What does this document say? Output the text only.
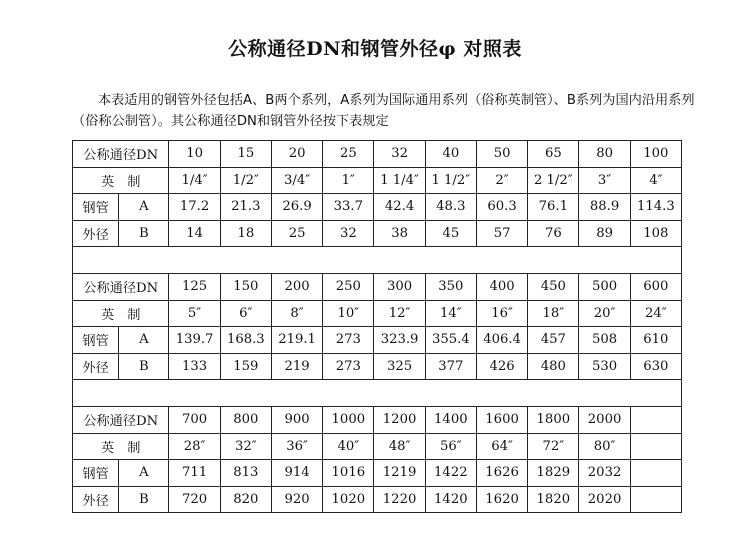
公称通径DN和钢管外径φ 对照表
本表适用的钢管外径包括A、B两个系列，A系列为国际通用系列（俗称英制管）、B系列为国内沿用系列（俗称公制管）。其公称通径DN和钢管外径按下表规定
公称通径DN		10	15	20	25	32	40	50	65	80	100
英　制		1/4″	1/2″	3/4″	1″	1 1/4″	1 1/2″	2″	2 1/2″	3″	4″
钢管	A	17.2	21.3	26.9	33.7	42.4	48.3	60.3	76.1	88.9	114.3
外径	B	14	18	25	32	38	45	57	76	89	108

公称通径DN		125	150	200	250	300	350	400	450	500	600
英　制		5″	6″	8″	10″	12″	14″	16″	18″	20″	24″
钢管	A	139.7	168.3	219.1	273	323.9	355.4	406.4	457	508	610
外径	B	133	159	219	273	325	377	426	480	530	630

公称通径DN		700	800	900	1000	1200	1400	1600	1800	2000	
英　制		28″	32″	36″	40″	48″	56″	64″	72″	80″	
钢管	A	711	813	914	1016	1219	1422	1626	1829	2032	
外径	B	720	820	920	1020	1220	1420	1620	1820	2020	
